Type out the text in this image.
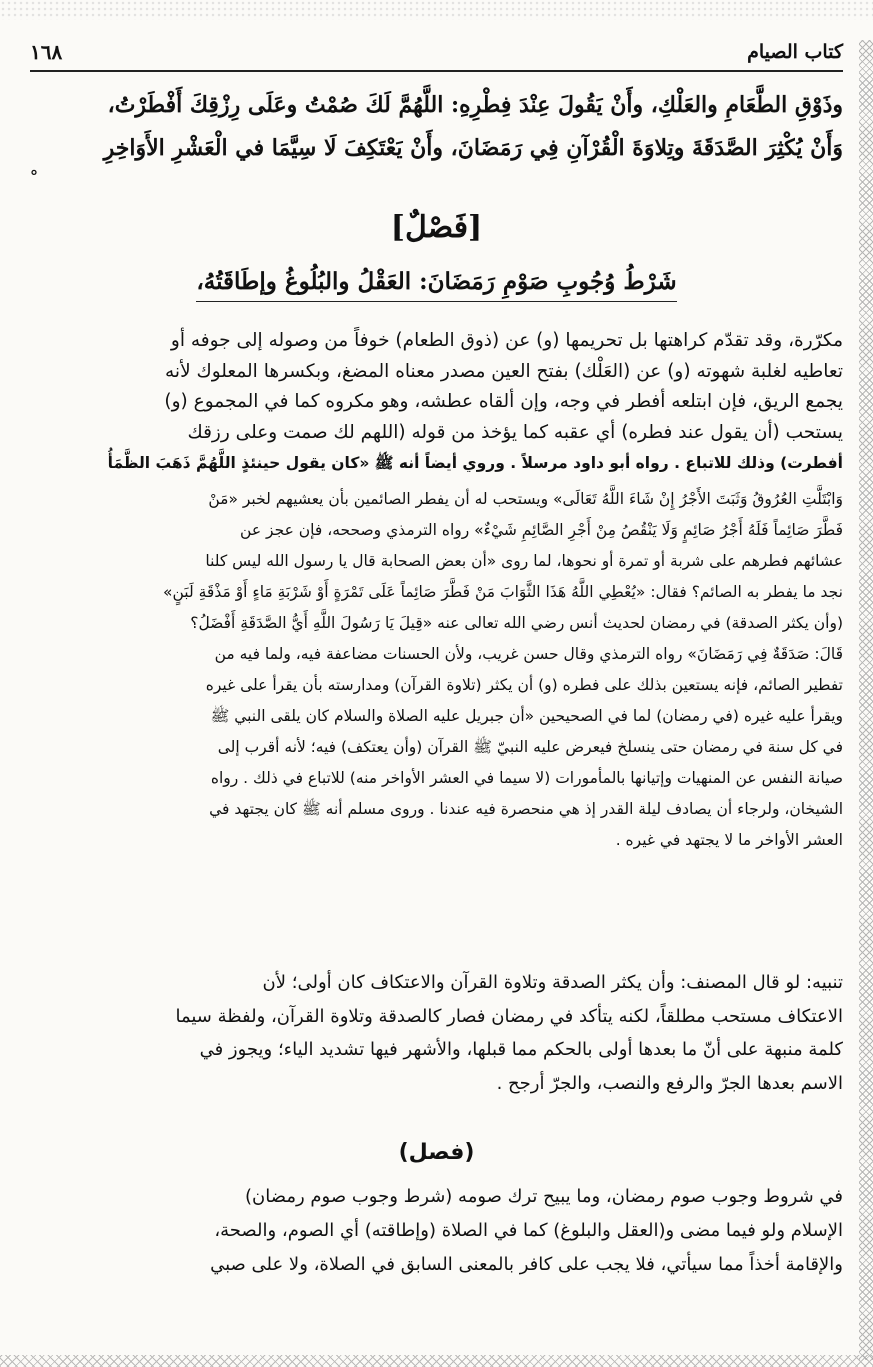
كتاب الصيام
١٦٨

وذَوْقِ الطَّعَامِ والعَلْكِ، وأَنْ يَقُولَ عِنْدَ فِطْرِهِ: اللَّهُمَّ لَكَ صُمْتُ وعَلَى رِزْقِكَ أَفْطَرْتُ،

وَأَنْ يُكْثِرَ الصَّدَقَةَ وتِلاوَةَ الْقُرْآنِ فِي رَمَضَانَ، وأَنْ يَعْتَكِفَ لَا سِيَّمَا في الْعَشْرِ الأَوَاخِرِ

°

[فَصْلٌ]
شَرْطُ وُجُوبِ صَوْمِ رَمَضَانَ: العَقْلُ والبُلُوغُ وإطَاقَتُهُ،

مكرّرة، وقد تقدّم كراهتها بل تحريمها (و) عن (ذوق الطعام) خوفاً من وصوله إلى جوفه أو

تعاطيه لغلبة شهوته (و) عن (العَلْك) بفتح العين مصدر معناه المضغ، وبكسرها المعلوك لأنه

يجمع الريق، فإن ابتلعه أفطر في وجه، وإن ألقاه عطشه، وهو مكروه كما في المجموع (و)

يستحب (أن يقول عند فطره) أي عقبه كما يؤخذ من قوله (اللهم لك صمت وعلى رزقك

أفطرت) وذلك للاتباع . رواه أبو داود مرسلاً . وروي أيضاً أنه ﷺ «كان يقول حينئذٍ اللَّهُمَّ ذَهَبَ الظَّمَأُ

وَابْتَلَّتِ العُرُوقُ وَثَبَتَ الأَجْرُ إِنْ شَاءَ اللَّهُ تَعَالَى» ويستحب له أن يفطر الصائمين بأن يعشيهم لخبر «مَنْ

فَطَّرَ صَائِماً فَلَهُ أَجْرُ صَائِمٍ وَلَا يَنْقُصُ مِنْ أَجْرِ الصَّائِمِ شَيْءٌ» رواه الترمذي وصححه، فإن عجز عن

عشائهم فطرهم على شربة أو تمرة أو نحوها، لما روى «أن بعض الصحابة قال يا رسول الله ليس كلنا

نجد ما يفطر به الصائم؟ فقال: «يُعْطِي اللَّهُ هَذَا الثَّوَابَ مَنْ فَطَّرَ صَائِماً عَلَى تَمْرَةٍ أَوْ شَرْبَةِ مَاءٍ أَوْ مَذْقَةِ لَبَنٍ»

(وأن يكثر الصدقة) في رمضان لحديث أنس رضي الله تعالى عنه «قِيلَ يَا رَسُولَ اللَّهِ أَيُّ الصَّدَقَةِ أَفْضَلُ؟

قَالَ: صَدَقَةٌ فِي رَمَضَانَ» رواه الترمذي وقال حسن غريب، ولأن الحسنات مضاعفة فيه، ولما فيه من

تفطير الصائم، فإنه يستعين بذلك على فطره (و) أن يكثر (تلاوة القرآن) ومدارسته بأن يقرأ على غيره

ويقرأ عليه غيره (في رمضان) لما في الصحيحين «أن جبريل عليه الصلاة والسلام كان يلقى النبي ﷺ

في كل سنة في رمضان حتى ينسلخ فيعرض عليه النبيّ ﷺ القرآن (وأن يعتكف) فيه؛ لأنه أقرب إلى

صيانة النفس عن المنهيات وإتيانها بالمأمورات (لا سيما في العشر الأواخر منه) للاتباع في ذلك . رواه

الشيخان، ولرجاء أن يصادف ليلة القدر إذ هي منحصرة فيه عندنا . وروى مسلم أنه ﷺ كان يجتهد في

العشر الأواخر ما لا يجتهد في غيره .

تنبيه: لو قال المصنف: وأن يكثر الصدقة وتلاوة القرآن والاعتكاف كان أولى؛ لأن

الاعتكاف مستحب مطلقاً، لكنه يتأكد في رمضان فصار كالصدقة وتلاوة القرآن، ولفظة سيما

كلمة منبهة على أنّ ما بعدها أولى بالحكم مما قبلها، والأشهر فيها تشديد الياء؛ ويجوز في

الاسم بعدها الجرّ والرفع والنصب، والجرّ أرجح .

(فصل)

في شروط وجوب صوم رمضان، وما يبيح ترك صومه (شرط وجوب صوم رمضان)

الإسلام ولو فيما مضى و(العقل والبلوغ) كما في الصلاة (وإطاقته) أي الصوم، والصحة،

والإقامة أخذاً مما سيأتي، فلا يجب على كافر بالمعنى السابق في الصلاة، ولا على صبي
